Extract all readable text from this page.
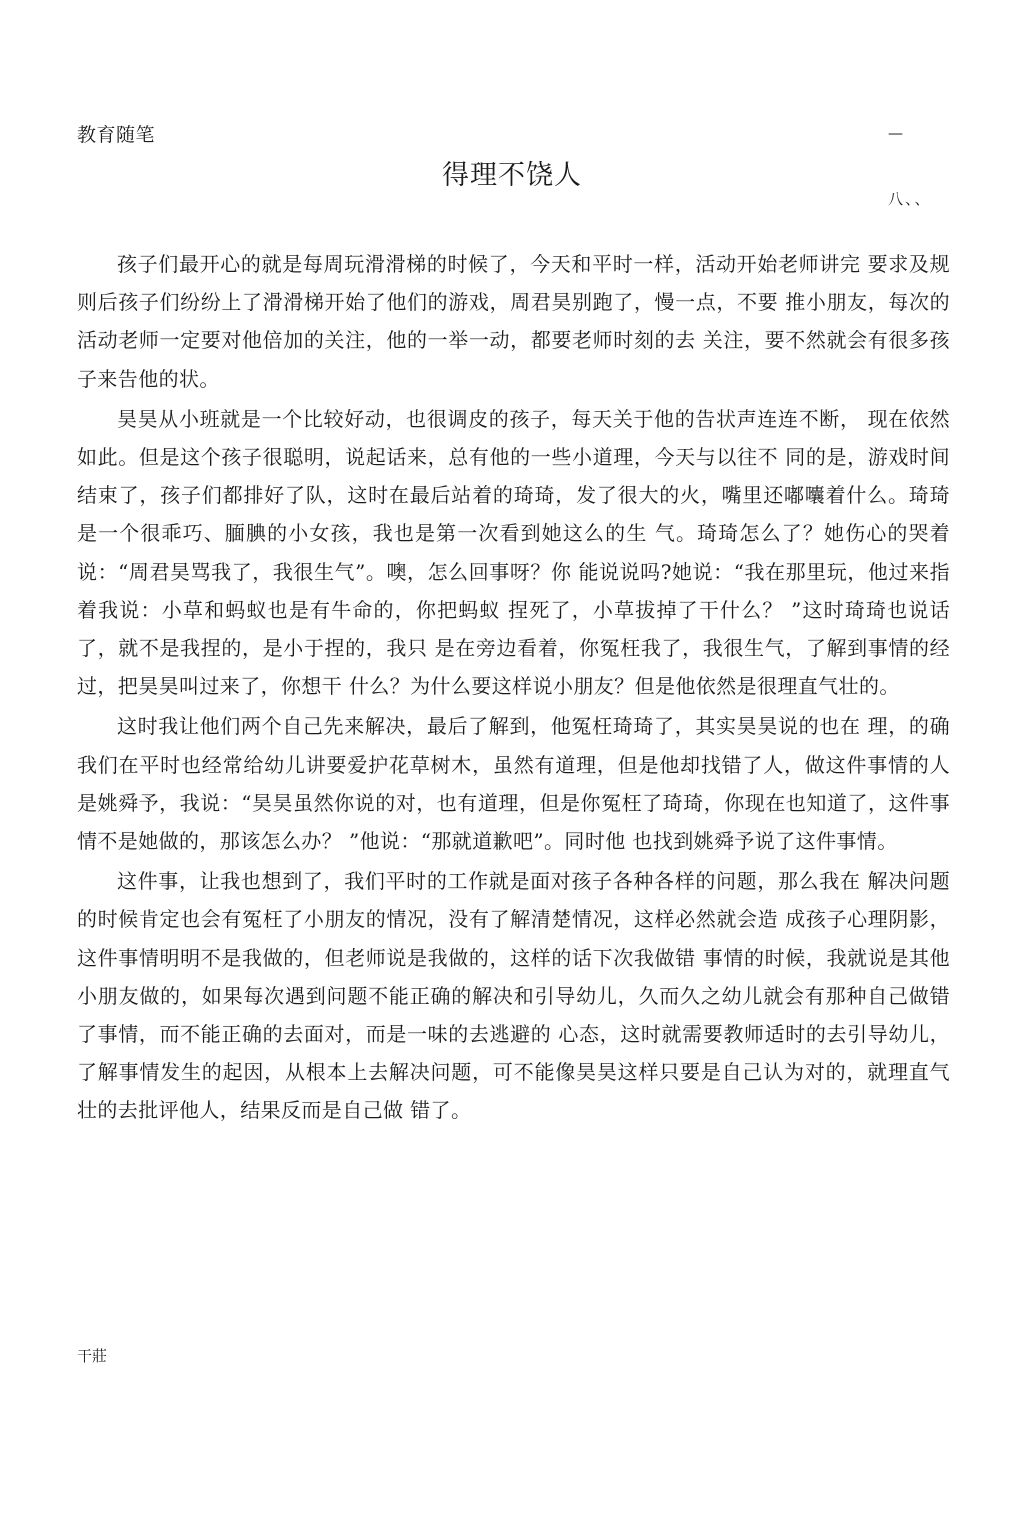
—

八、、

教育随笔
得理不饶人

孩子们最开心的就是每周玩滑滑梯的时候了，今天和平时一样，活动开始老师讲完 要求及规则后孩子们纷纷上了滑滑梯开始了他们的游戏，周君昊别跑了，慢一点，不要 推小朋友，每次的活动老师一定要对他倍加的关注，他的一举一动，都要老师时刻的去 关注，要不然就会有很多孩子来告他的状。

昊昊从小班就是一个比较好动，也很调皮的孩子，每天关于他的告状声连连不断， 现在依然如此。但是这个孩子很聪明，说起话来，总有他的一些小道理，今天与以往不 同的是，游戏时间结束了，孩子们都排好了队，这时在最后站着的琦琦，发了很大的火，嘴里还嘟囔着什么。琦琦是一个很乖巧、腼腆的小女孩，我也是第一次看到她这么的生 气。琦琦怎么了？她伤心的哭着说：“周君昊骂我了，我很生气”。噢，怎么回事呀？你 能说说吗?她说：“我在那里玩，他过来指着我说：小草和蚂蚁也是有牛命的，你把蚂蚁 捏死了，小草拔掉了干什么？ ”这时琦琦也说话了，就不是我捏的，是小于捏的，我只 是在旁边看着，你冤枉我了，我很生气，了解到事情的经过，把昊昊叫过来了，你想干 什么？为什么要这样说小朋友？但是他依然是很理直气壮的。

这时我让他们两个自己先来解决，最后了解到，他冤枉琦琦了，其实昊昊说的也在 理，的确我们在平时也经常给幼儿讲要爱护花草树木，虽然有道理，但是他却找错了人，做这件事情的人是姚舜予，我说：“昊昊虽然你说的对，也有道理，但是你冤枉了琦琦，你现在也知道了，这件事情不是她做的，那该怎么办？ ”他说：“那就道歉吧”。同时他 也找到姚舜予说了这件事情。

这件事，让我也想到了，我们平时的工作就是面对孩子各种各样的问题，那么我在 解决问题的时候肯定也会有冤枉了小朋友的情况，没有了解清楚情况，这样必然就会造 成孩子心理阴影，这件事情明明不是我做的，但老师说是我做的，这样的话下次我做错 事情的时候，我就说是其他小朋友做的，如果每次遇到问题不能正确的解决和引导幼儿，久而久之幼儿就会有那种自己做错了事情，而不能正确的去面对，而是一味的去逃避的 心态，这时就需要教师适时的去引导幼儿，了解事情发生的起因，从根本上去解决问题，可不能像昊昊这样只要是自己认为对的，就理直气壮的去批评他人，结果反而是自己做 错了。

干莊
